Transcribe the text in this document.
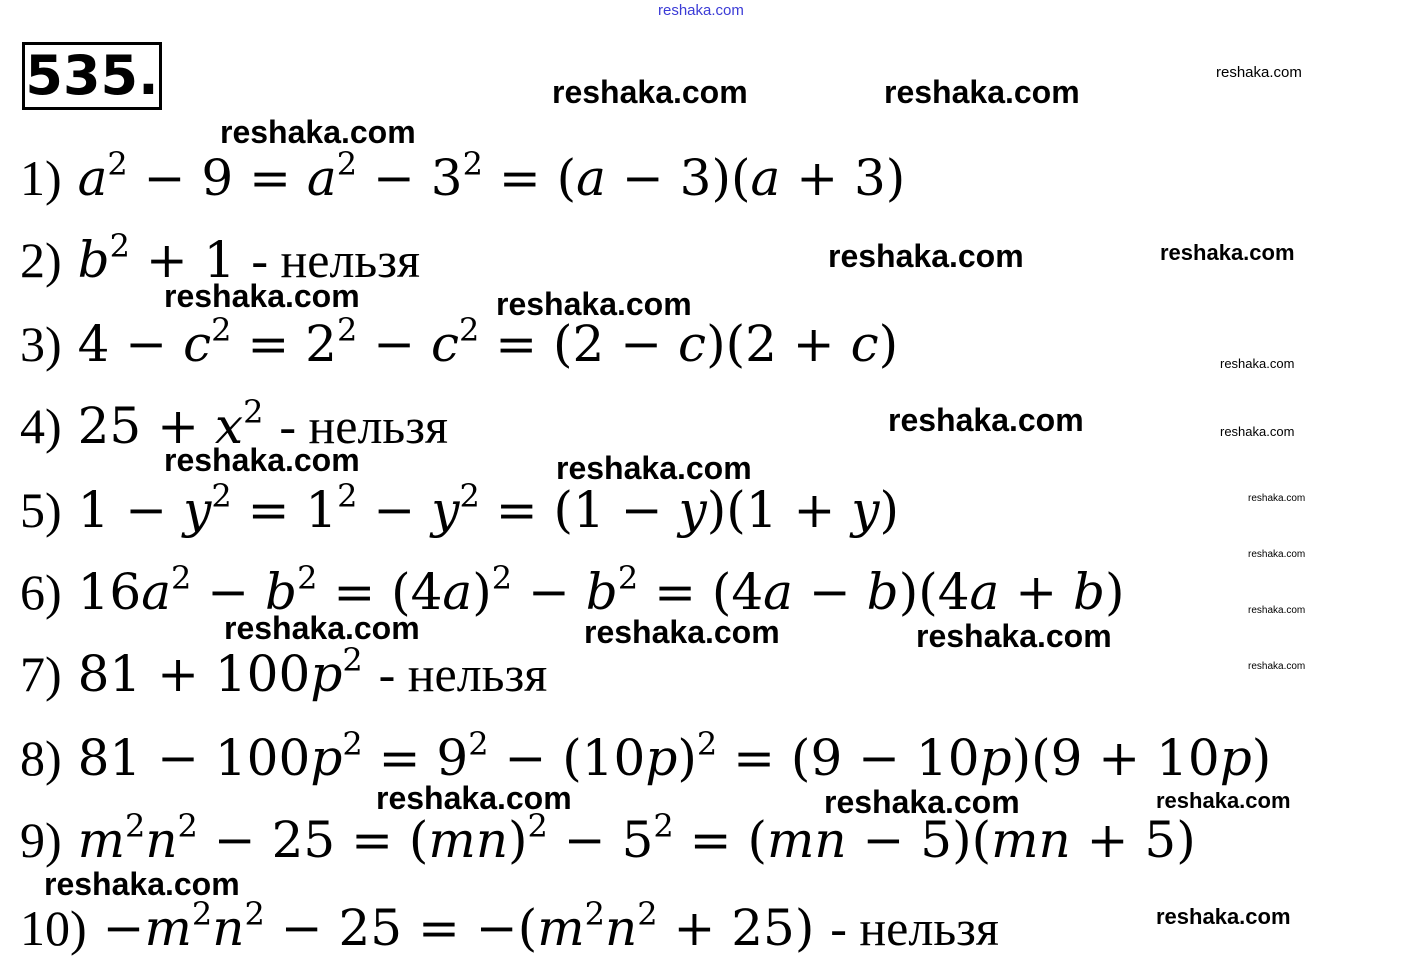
reshaka.com
reshaka.com	reshaka.com
reshaka.com
reshaka.com
reshaka.com	reshaka.com
reshaka.com	reshaka.com
reshaka.com
reshaka.com	reshaka.com
reshaka.com	reshaka.com
reshaka.com
reshaka.com
reshaka.com
reshaka.com	reshaka.com	reshaka.com
reshaka.com
reshaka.com	reshaka.com	reshaka.com
reshaka.com
reshaka.com
535.
1) $a^2 - 9 = a^2 - 3^2 = (a - 3)(a + 3)$
2) $b^2 + 1$ - нельзя
3) $4 - c^2 = 2^2 - c^2 = (2 - c)(2 + c)$
4) $25 + x^2$ - нельзя
5) $1 - y^2 = 1^2 - y^2 = (1 - y)(1 + y)$
6) $16a^2 - b^2 = (4a)^2 - b^2 = (4a - b)(4a + b)$
7) $81 + 100p^2$ - нельзя
8) $81 - 100p^2 = 9^2 - (10p)^2 = (9 - 10p)(9 + 10p)$
9) $m^2n^2 - 25 = (mn)^2 - 5^2 = (mn - 5)(mn + 5)$
$10) -m^2n^2 - 25 = -(m^2n^2 + 25)$ - нельзя
